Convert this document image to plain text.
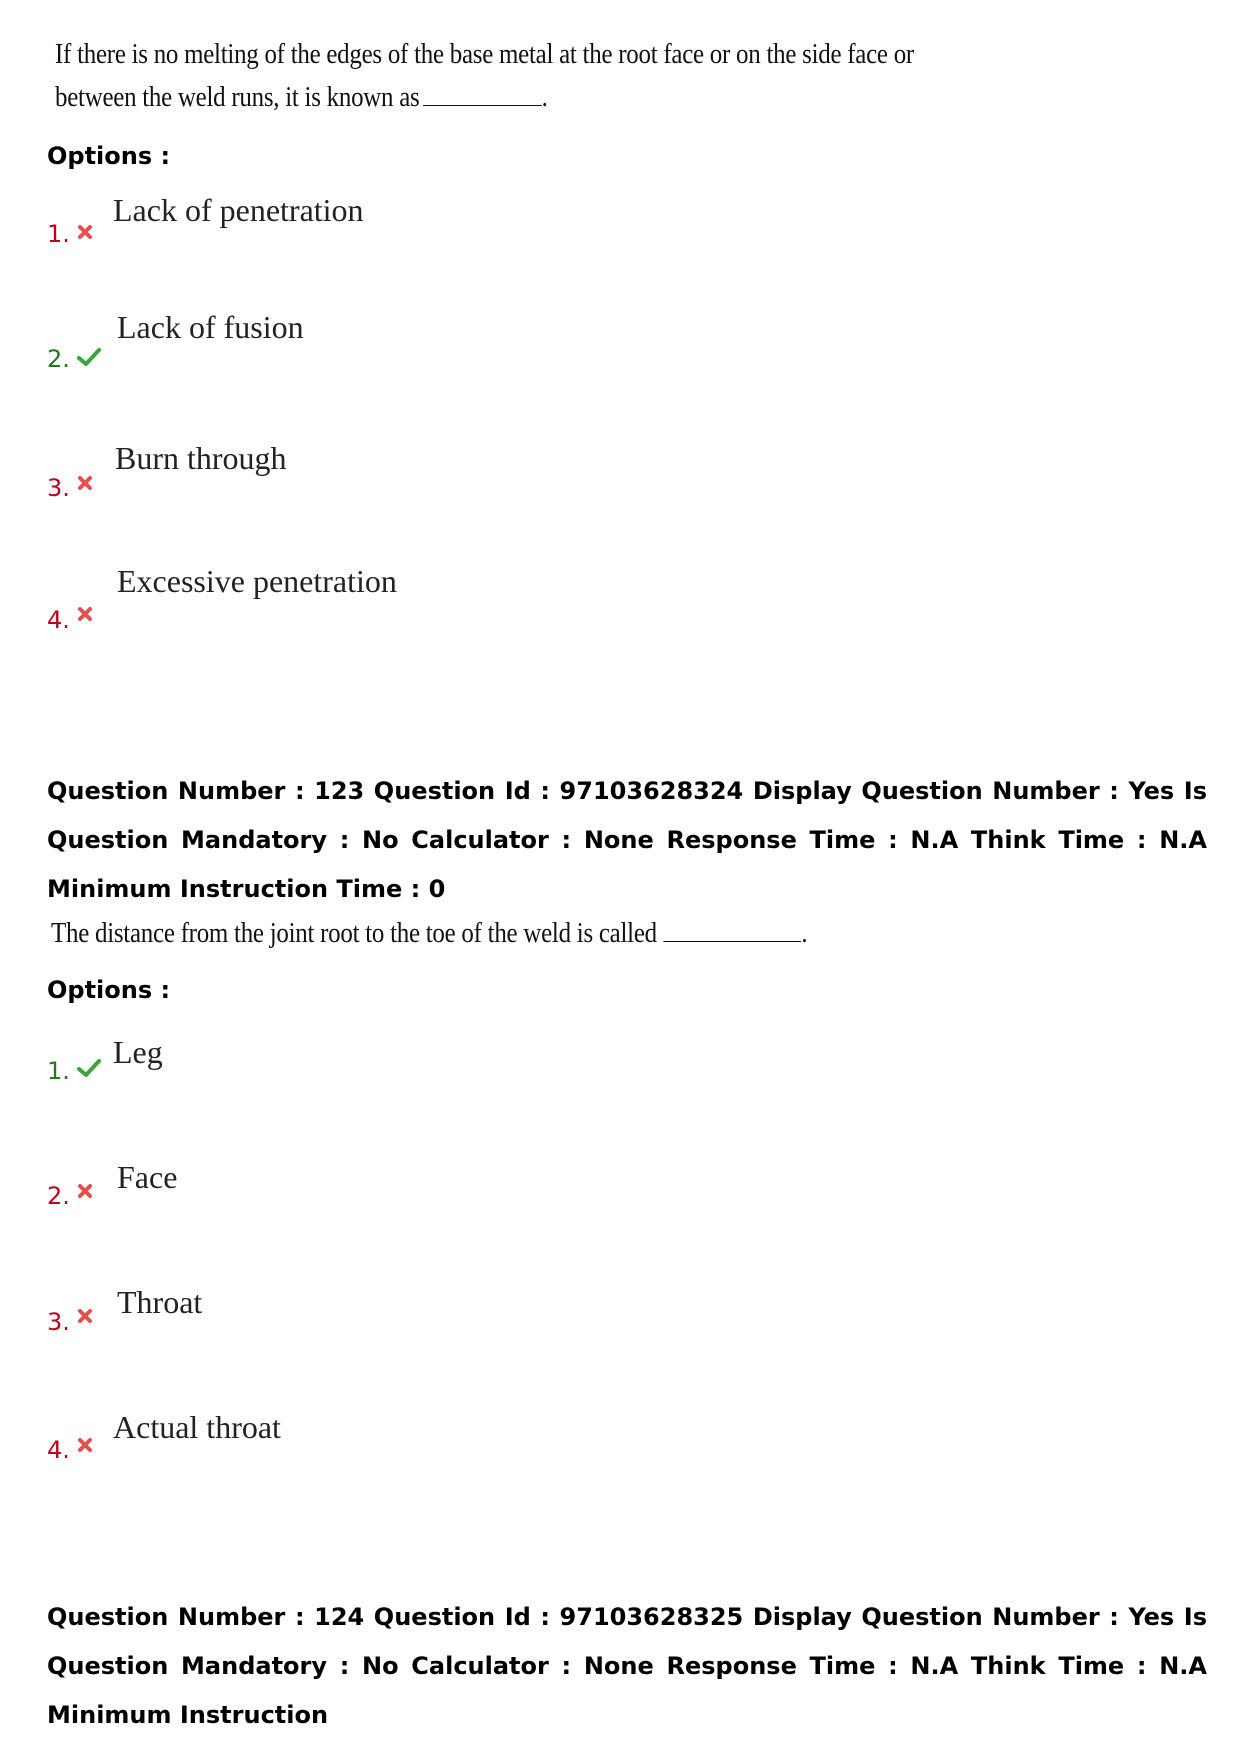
If there is no melting of the edges of the base metal at the root face or on the side face or
between the weld runs, it is known as	.
Options :
1.
Lack of penetration
2.
Lack of fusion
3.
Burn through
4.
Excessive penetration
Question Number : 123 Question Id : 97103628324 Display Question Number : Yes Is Question Mandatory : No Calculator : None Response Time : N.A Think Time : N.A Minimum Instruction Time : 0
The distance from the joint root to the toe of the weld is called	.
Options :
1.
Leg
2.
Face
3.
Throat
4.
Actual throat
Question Number : 124 Question Id : 97103628325 Display Question Number : Yes Is Question Mandatory : No Calculator : None Response Time : N.A Think Time : N.A Minimum Instruction
